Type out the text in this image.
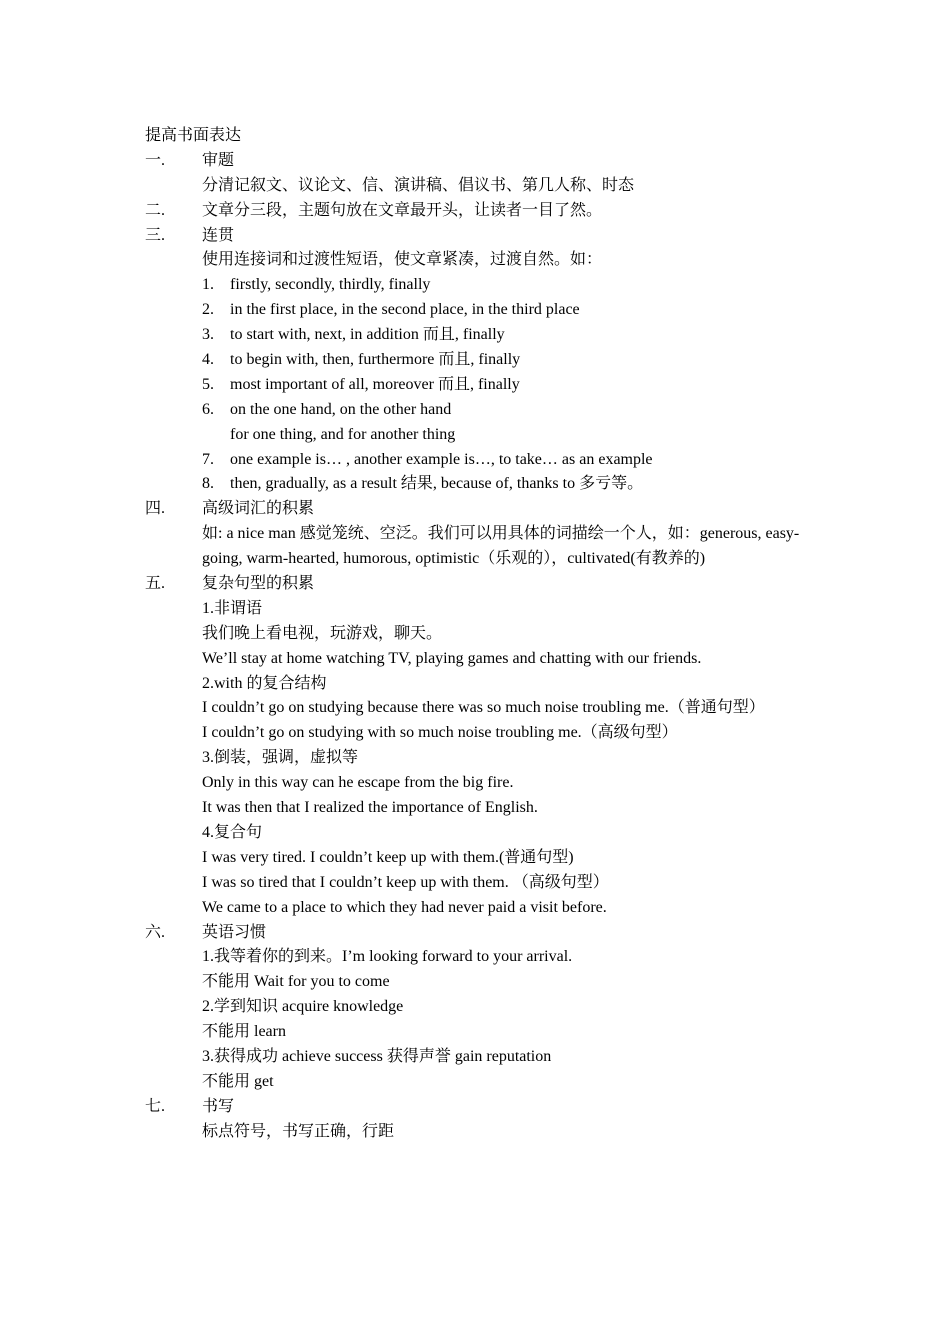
提高书面表达
一. 审题
分清记叙文、议论文、信、演讲稿、倡议书、第几人称、时态
二. 文章分三段，主题句放在文章最开头，让读者一目了然。
三. 连贯
使用连接词和过渡性短语，使文章紧凑，过渡自然。如：
1. firstly, secondly, thirdly, finally
2. in the first place, in the second place, in the third place
3. to start with, next, in addition 而且, finally
4. to begin with, then, furthermore 而且, finally
5. most important of all, moreover 而且, finally
6. on the one hand, on the other hand
for one thing, and for another thing
7. one example is… , another example is…, to take… as an example
8. then, gradually, as a result 结果, because of, thanks to 多亏等。
四. 高级词汇的积累
如: a nice man 感觉笼统、空泛。我们可以用具体的词描绘一个人，如：generous, easy-
going, warm-hearted, humorous, optimistic（乐观的），cultivated(有教养的)
五. 复杂句型的积累
1.非谓语
我们晚上看电视，玩游戏，聊天。
We’ll stay at home watching TV, playing games and chatting with our friends.
2.with 的复合结构
I couldn’t go on studying because there was so much noise troubling me.（普通句型）
I couldn’t go on studying with so much noise troubling me.（高级句型）
3.倒装，强调，虚拟等
Only in this way can he escape from the big fire.
It was then that I realized the importance of English.
4.复合句
I was very tired. I couldn’t keep up with them.(普通句型)
I was so tired that I couldn’t keep up with them. （高级句型）
We came to a place to which they had never paid a visit before.
六. 英语习惯
1.我等着你的到来。I’m looking forward to your arrival.
不能用 Wait for you to come
2.学到知识 acquire knowledge
不能用 learn
3.获得成功 achieve success 获得声誉 gain reputation
不能用 get
七. 书写
标点符号，书写正确，行距
